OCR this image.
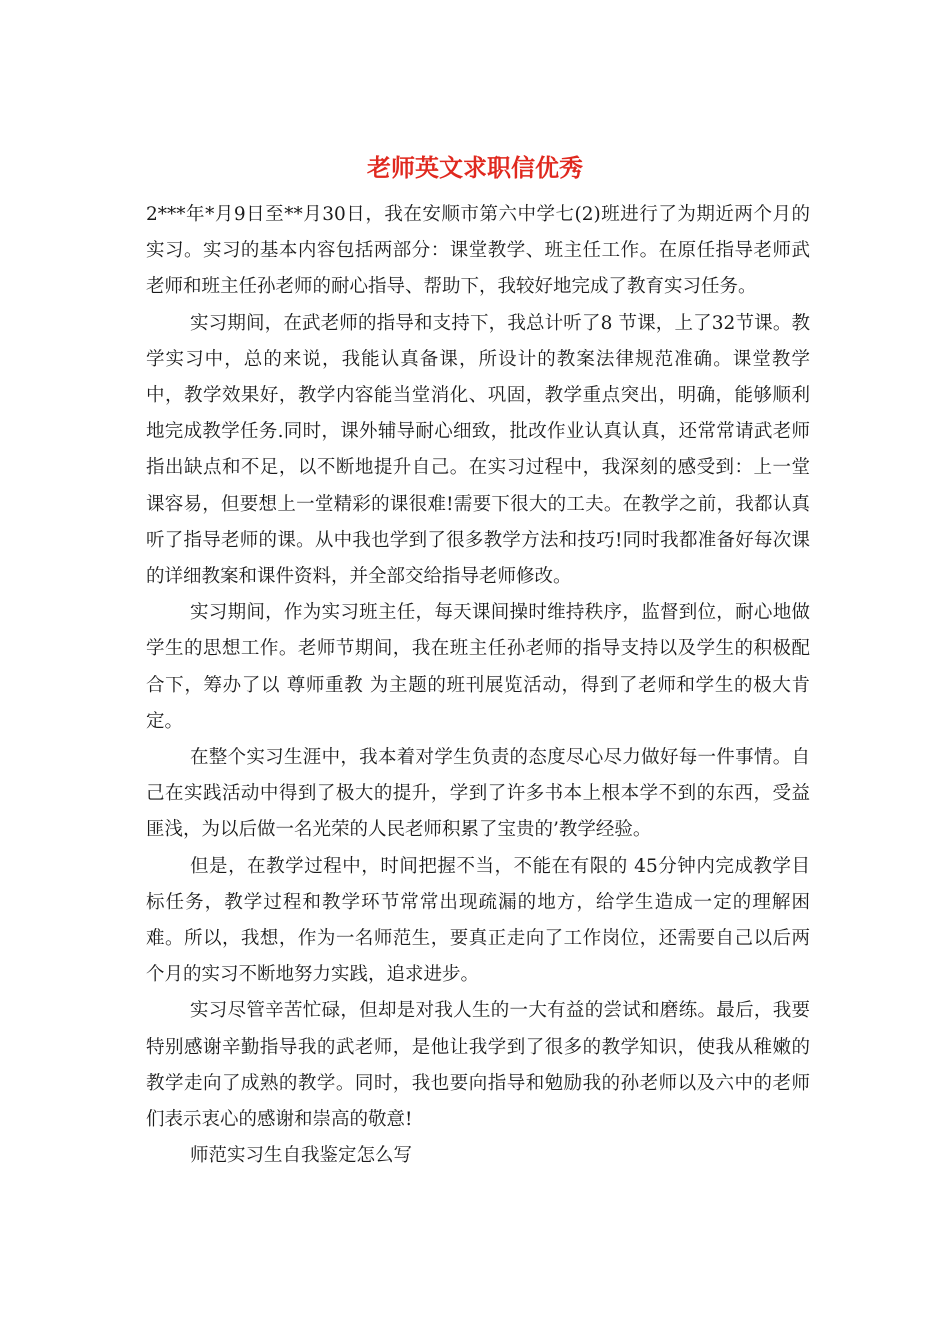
老师英文求职信优秀

2***年*月9日至**月30日，我在安顺市第六中学七(2)班进行了为期近两个月的实习。实习的基本内容包括两部分：课堂教学、班主任工作。在原任指导老师武老师和班主任孙老师的耐心指导、帮助下，我较好地完成了教育实习任务。

实习期间，在武老师的指导和支持下，我总计听了8 节课，上了32节课。教学实习中，总的来说，我能认真备课，所设计的教案法律规范准确。课堂教学中，教学效果好，教学内容能当堂消化、巩固，教学重点突出，明确，能够顺利地完成教学任务.同时，课外辅导耐心细致，批改作业认真认真，还常常请武老师指出缺点和不足，以不断地提升自己。在实习过程中，我深刻的感受到：上一堂课容易，但要想上一堂精彩的课很难!需要下很大的工夫。在教学之前，我都认真听了指导老师的课。从中我也学到了很多教学方法和技巧!同时我都准备好每次课的详细教案和课件资料，并全部交给指导老师修改。

实习期间，作为实习班主任，每天课间操时维持秩序，监督到位，耐心地做学生的思想工作。老师节期间，我在班主任孙老师的指导支持以及学生的积极配合下，筹办了以 尊师重教 为主题的班刊展览活动，得到了老师和学生的极大肯定。

在整个实习生涯中，我本着对学生负责的态度尽心尽力做好每一件事情。自己在实践活动中得到了极大的提升，学到了许多书本上根本学不到的东西，受益匪浅，为以后做一名光荣的人民老师积累了宝贵的’教学经验。

但是，在教学过程中，时间把握不当，不能在有限的 45分钟内完成教学目标任务，教学过程和教学环节常常出现疏漏的地方，给学生造成一定的理解困难。所以，我想，作为一名师范生，要真正走向了工作岗位，还需要自己以后两个月的实习不断地努力实践，追求进步。

实习尽管辛苦忙碌，但却是对我人生的一大有益的尝试和磨练。最后，我要特别感谢辛勤指导我的武老师，是他让我学到了很多的教学知识，使我从稚嫩的教学走向了成熟的教学。同时，我也要向指导和勉励我的孙老师以及六中的老师们表示衷心的感谢和崇高的敬意!

师范实习生自我鉴定怎么写
